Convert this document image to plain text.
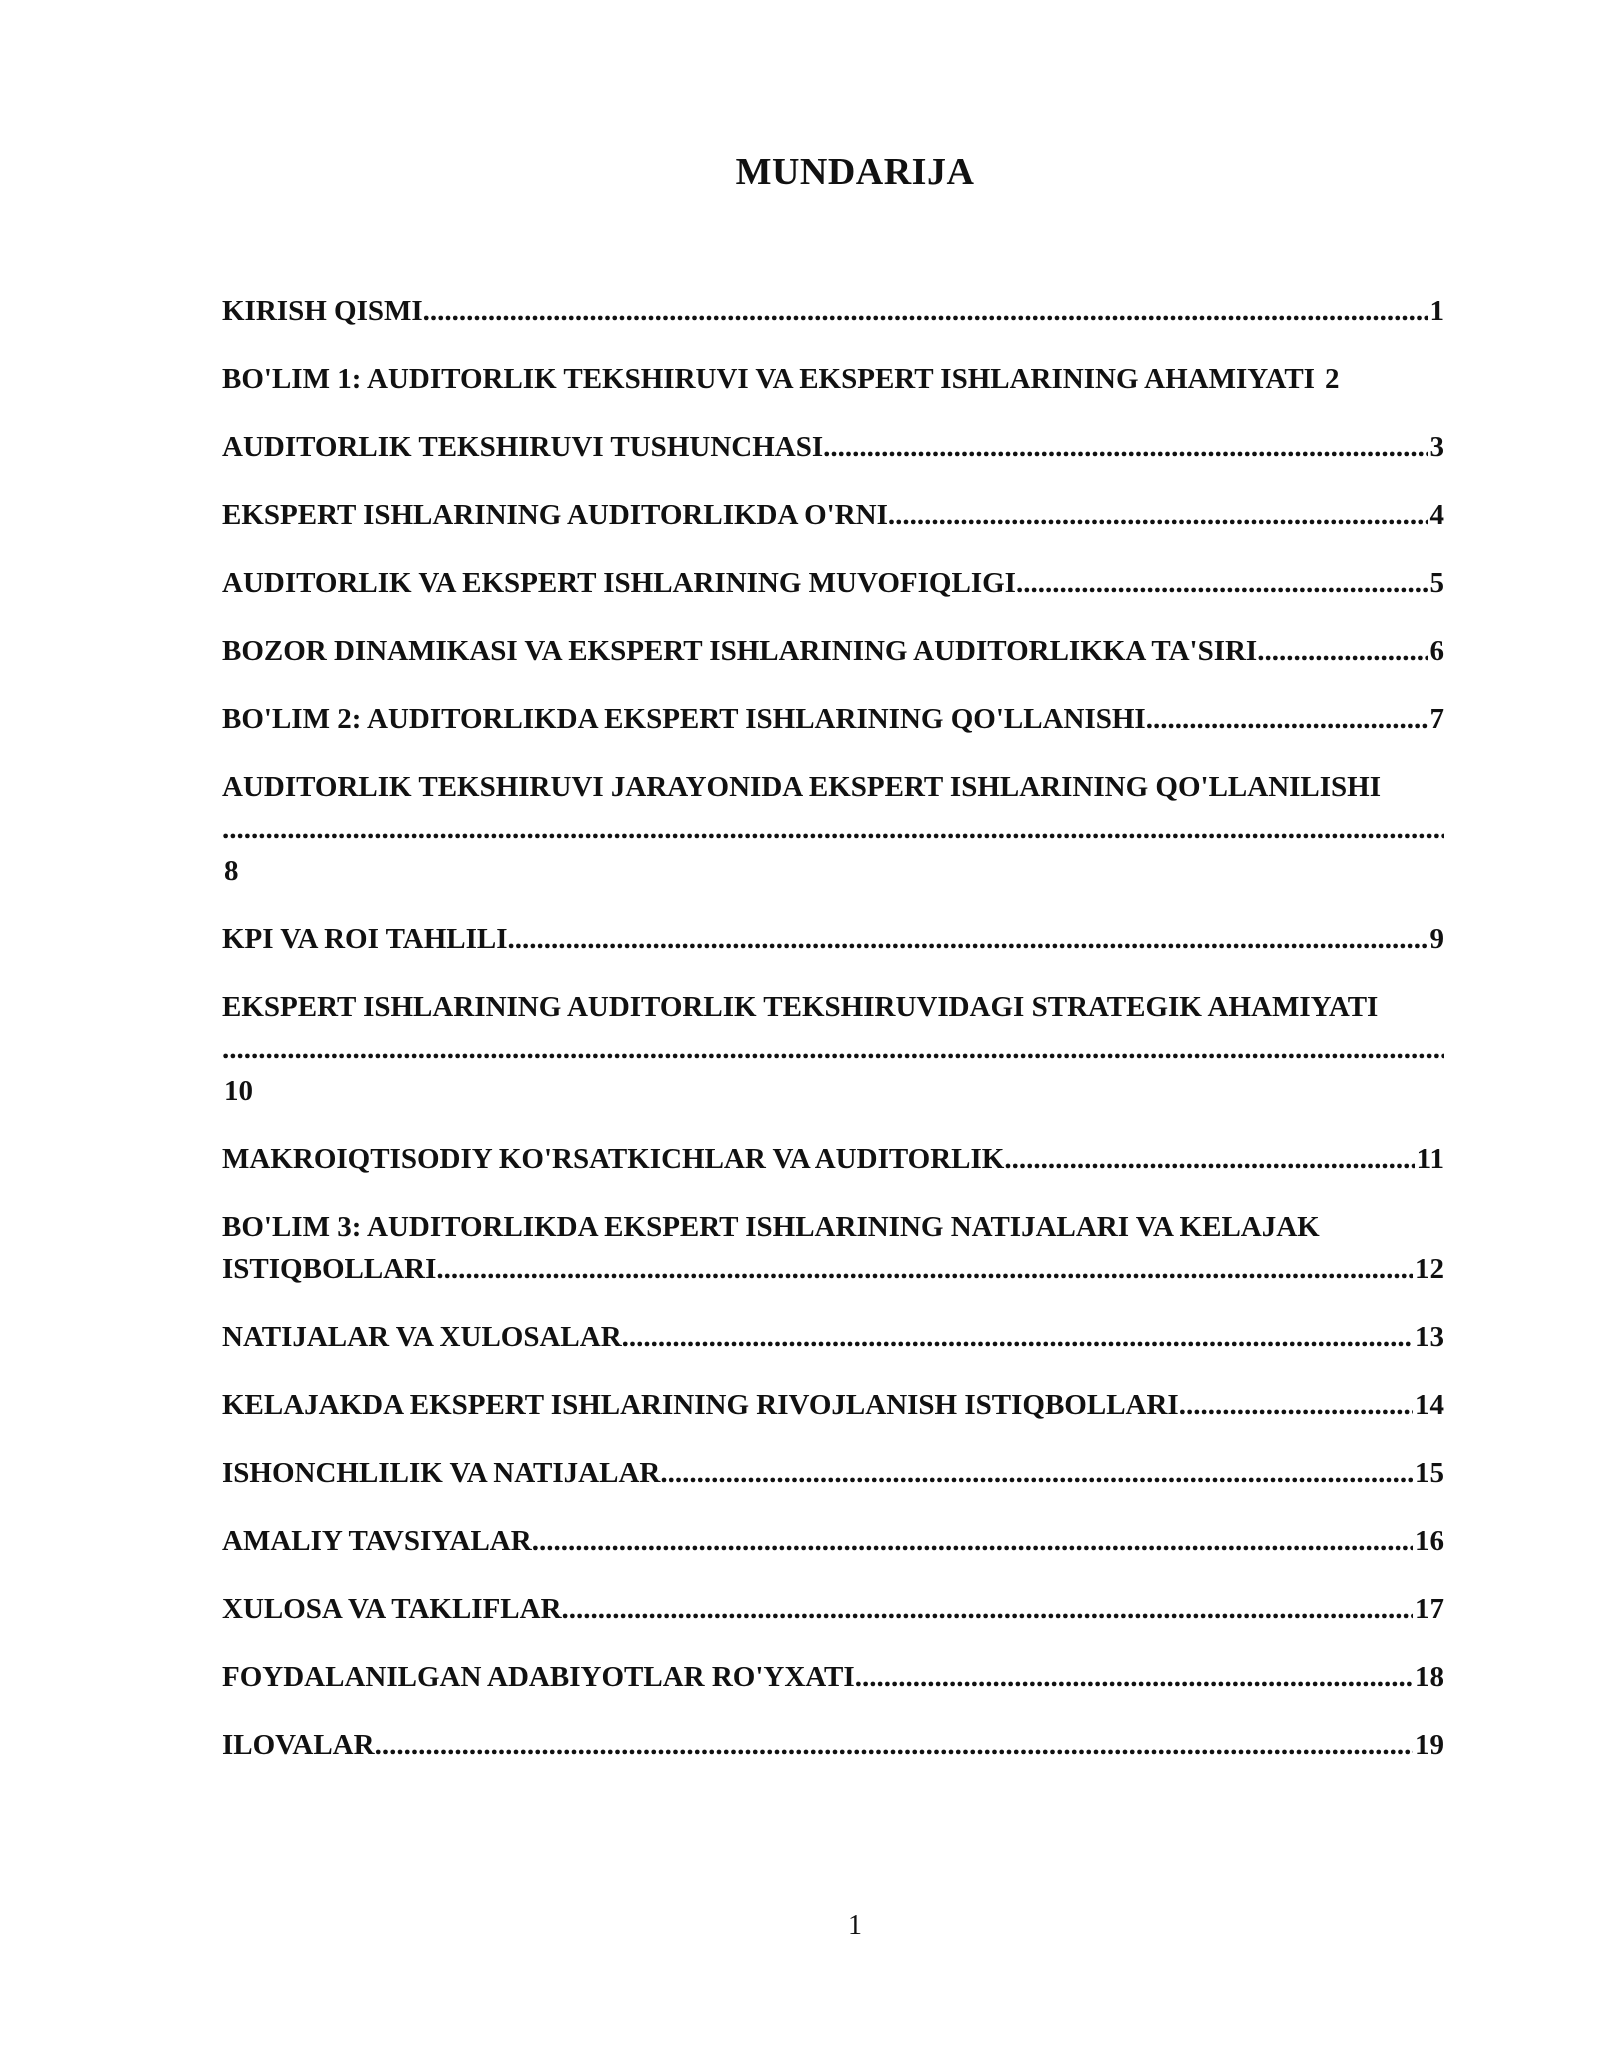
MUNDARIJA
KIRISH QISMI .....	1
BO'LIM 1: AUDITORLIK TEKSHIRUVI VA EKSPERT ISHLARINING AHAMIYATI 2
AUDITORLIK TEKSHIRUVI TUSHUNCHASI .....	3
EKSPERT ISHLARINING AUDITORLIKDA O'RNI .....	4
AUDITORLIK VA EKSPERT ISHLARINING MUVOFIQLIGI .....	5
BOZOR DINAMIKASI VA EKSPERT ISHLARINING AUDITORLIKKA TA'SIRI .....	6
BO'LIM 2: AUDITORLIKDA EKSPERT ISHLARINING QO'LLANISHI .....	7
AUDITORLIK TEKSHIRUVI JARAYONIDA EKSPERT ISHLARINING QO'LLANILISHI
.....
8
KPI VA ROI TAHLILI .....	9
EKSPERT ISHLARINING AUDITORLIK TEKSHIRUVIDAGI STRATEGIK AHAMIYATI
.....
10
MAKROIQTISODIY KO'RSATKICHLAR VA AUDITORLIK .....	11
BO'LIM 3: AUDITORLIKDA EKSPERT ISHLARINING NATIJALARI VA KELAJAK
ISTIQBOLLARI .....	12
NATIJALAR VA XULOSALAR .....	13
KELAJAKDA EKSPERT ISHLARINING RIVOJLANISH ISTIQBOLLARI .....	14
ISHONCHLILIK VA NATIJALAR .....	15
AMALIY TAVSIYALAR .....	16
XULOSA VA TAKLIFLAR .....	17
FOYDALANILGAN ADABIYOTLAR RO'YXATI .....	18
ILOVALAR .....	19
1
